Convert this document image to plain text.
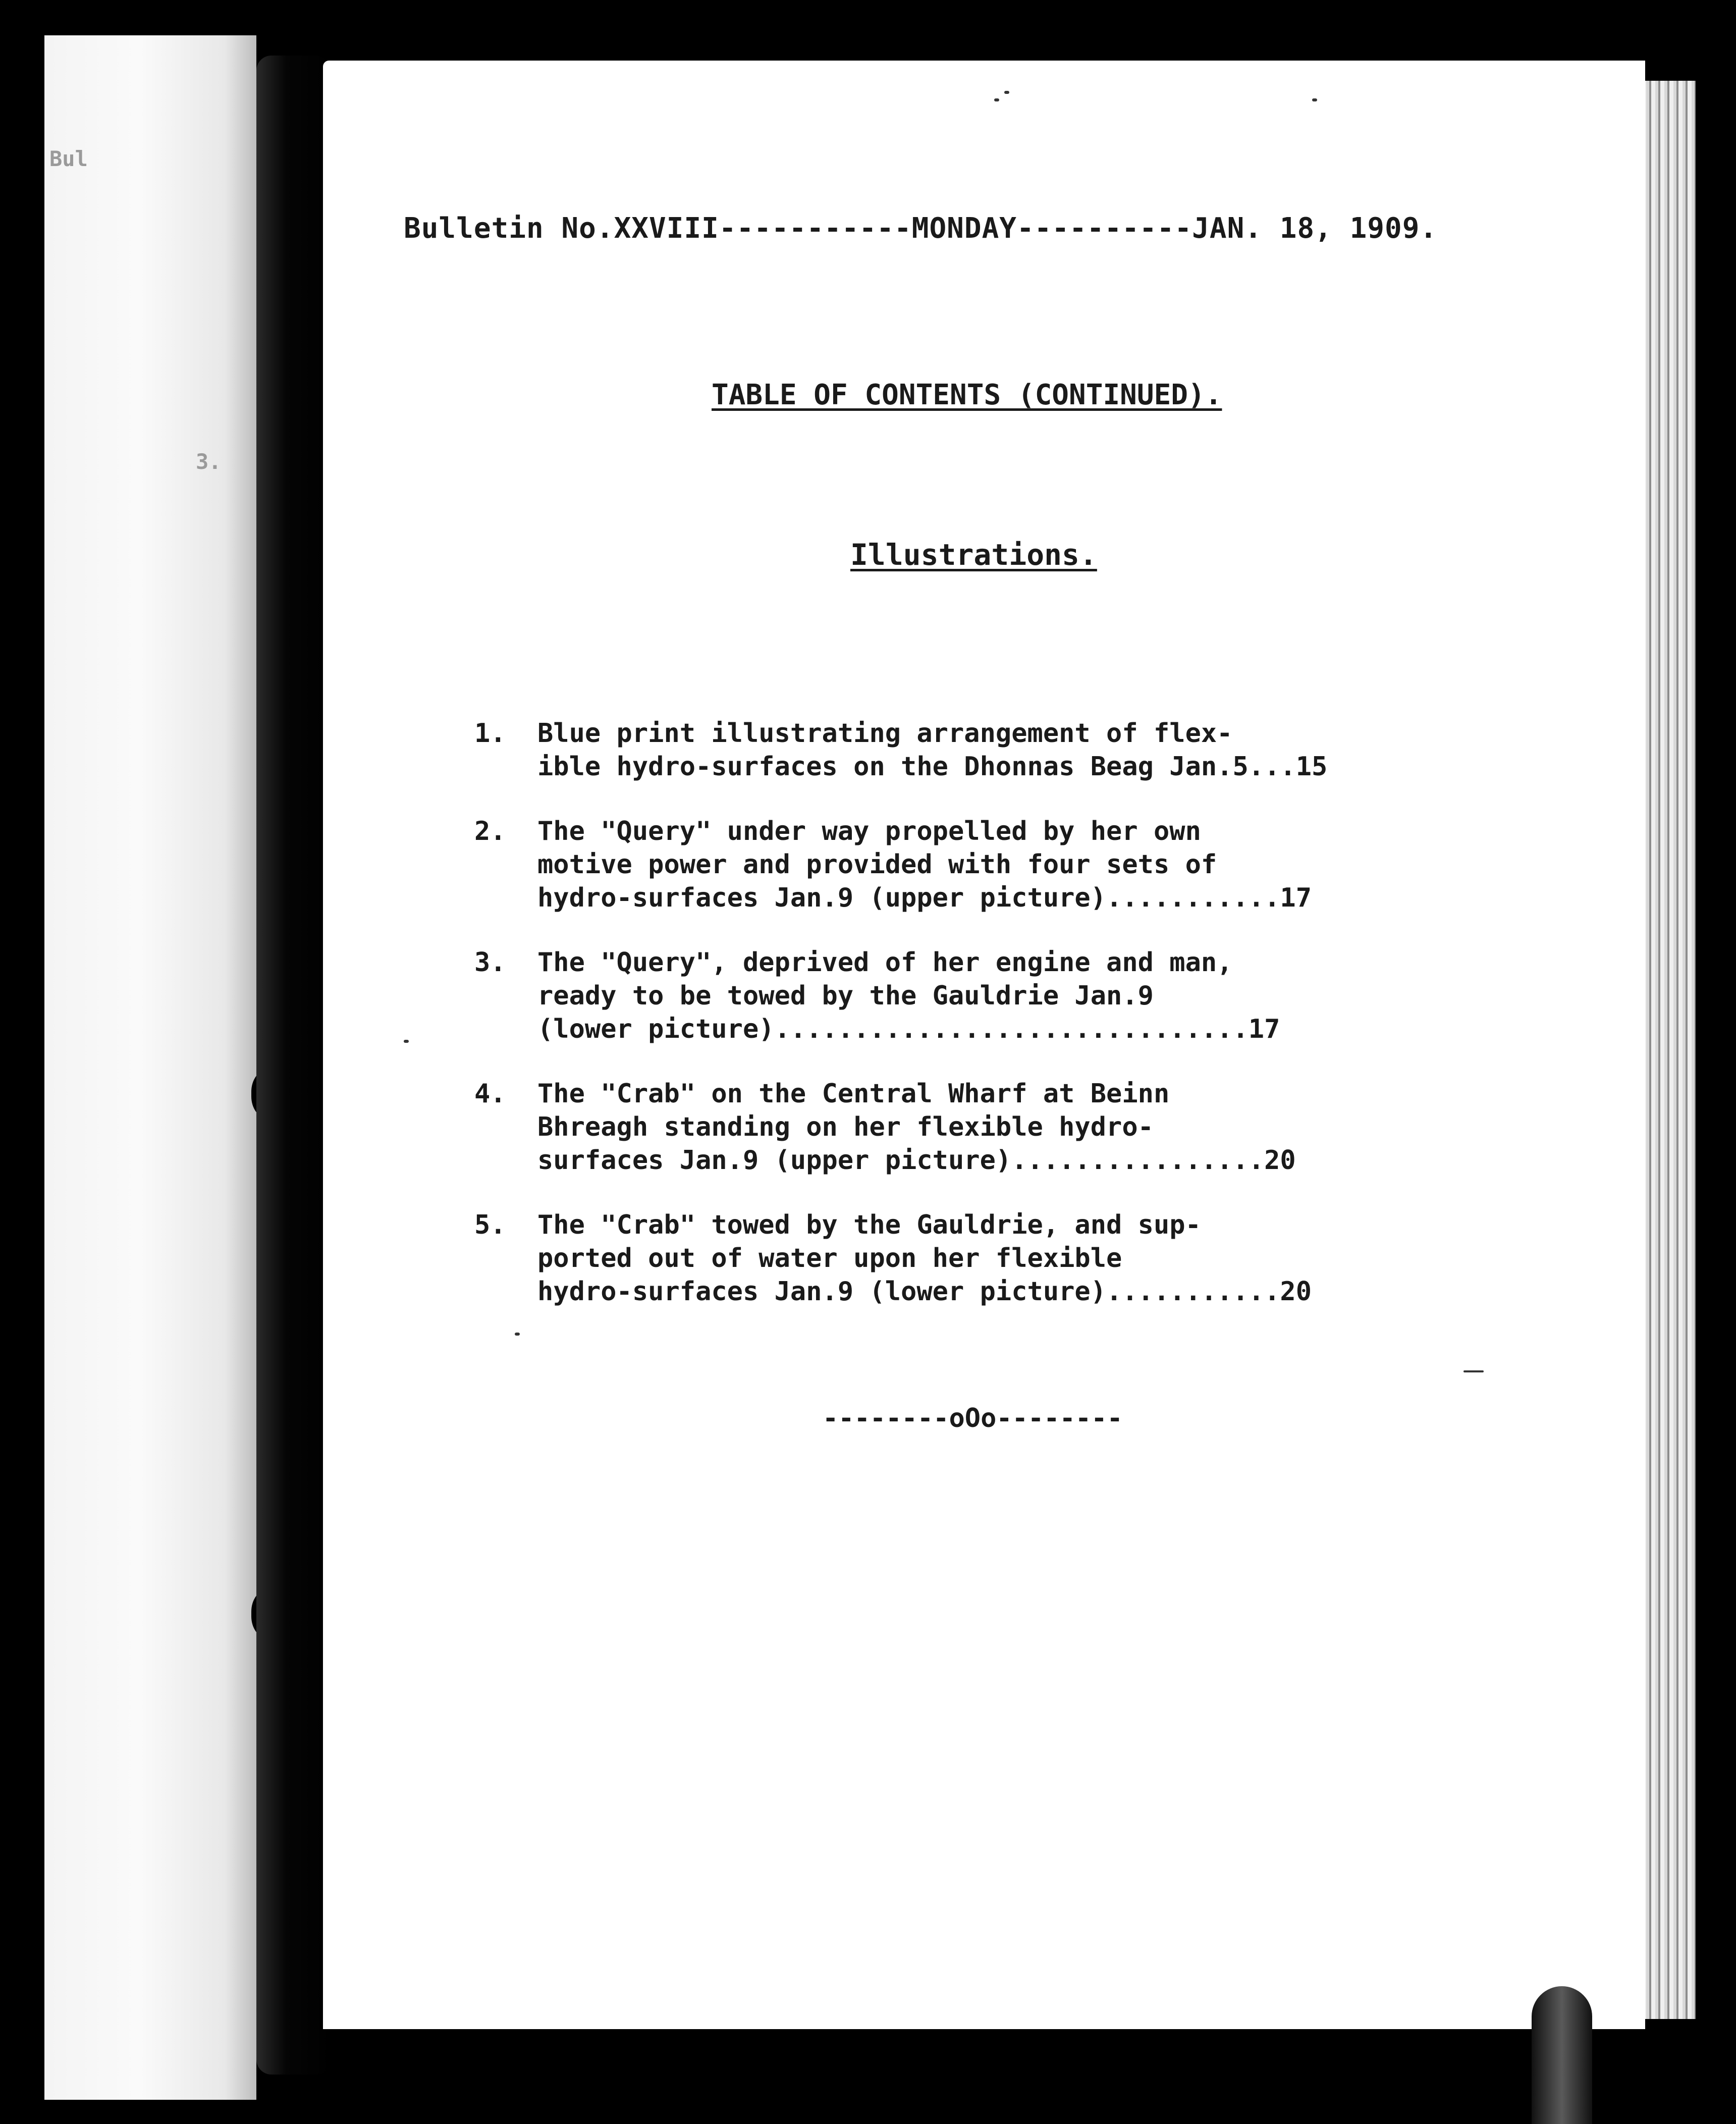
Bul
3.
Bulletin No.XXVIII-----------MONDAY----------JAN. 18, 1909.
TABLE OF CONTENTS (CONTINUED).
Illustrations.
1.	Blue print illustrating arrangement of flex-
ible hydro-surfaces on the Dhonnas Beag Jan.5...15
2.	The "Query" under way propelled by her own
motive power and provided with four sets of
hydro-surfaces Jan.9 (upper picture)...........17
3.	The "Query", deprived of her engine and man,
ready to be towed by the Gauldrie Jan.9
(lower picture)..............................17
4.	The "Crab" on the Central Wharf at Beinn
Bhreagh standing on her flexible hydro-
surfaces Jan.9 (upper picture)................20
5.	The "Crab" towed by the Gauldrie, and sup-
ported out of water upon her flexible
hydro-surfaces Jan.9 (lower picture)...........20
--------oOo--------
